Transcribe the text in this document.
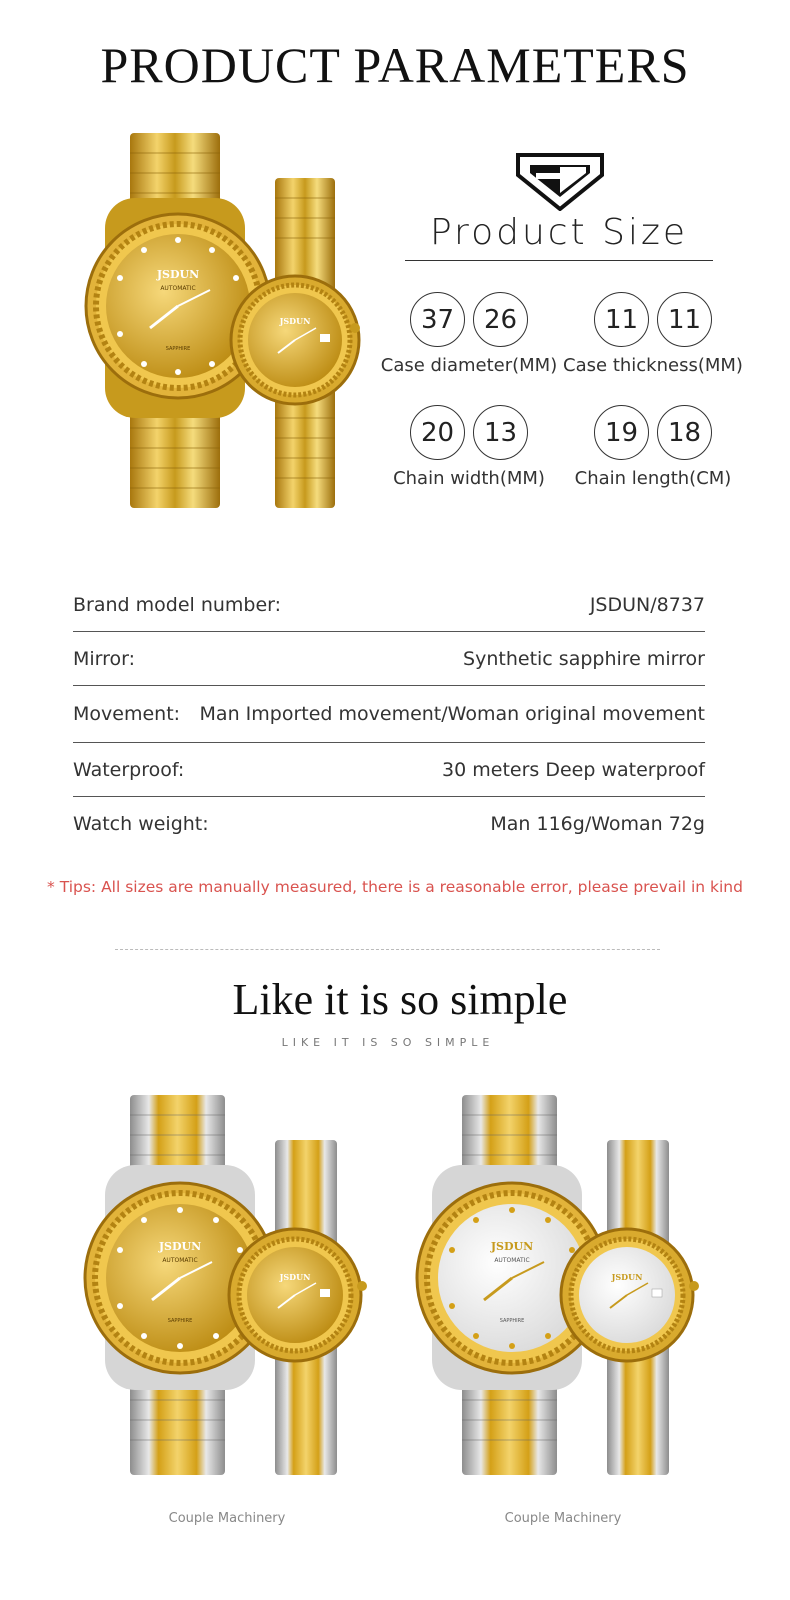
PRODUCT PARAMETERS
JSDUN
AUTOMATIC
SAPPHIRE
JSDUN
Product Size
37	26
Case diameter(MM)
11	11
Case thickness(MM)
20	13
Chain width(MM)
19	18
Chain length(CM)
Brand model number:	JSDUN/8737
Mirror:	Synthetic sapphire mirror
Movement: Man Imported movement/Woman original movement
Waterproof:	30 meters Deep waterproof
Watch weight:	Man 116g/Woman 72g
* Tips: All sizes are manually measured, there is a reasonable error, please prevail in kind
Like it is so simple
LIKE IT IS SO SIMPLE
JSDUN
AUTOMATIC
SAPPHIRE
JSDUN
JSDUN
AUTOMATIC
SAPPHIRE
JSDUN
Couple Machinery	Couple Machinery
